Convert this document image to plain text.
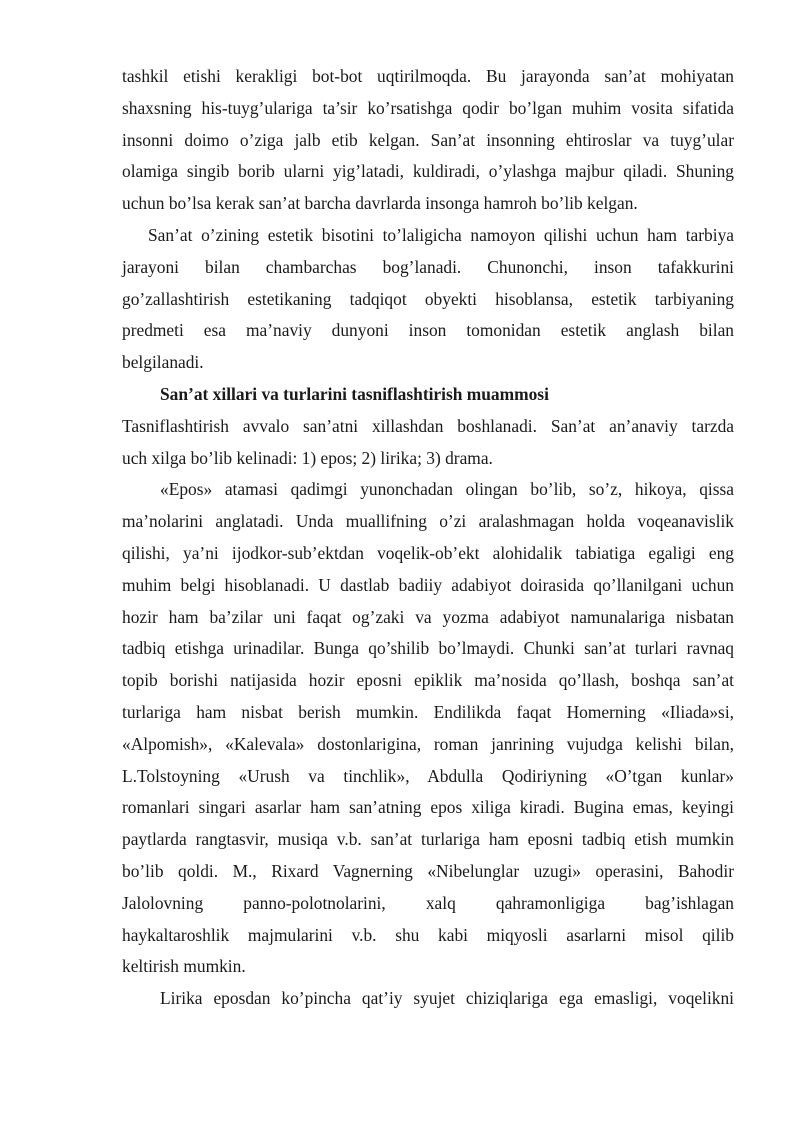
tashkil etishi kerakligi bot-bot uqtirilmoqda. Bu jarayonda san’at mohiyatan
shaxsning his-tuyg’ulariga ta’sir ko’rsatishga qodir bo’lgan muhim vosita sifatida
insonni doimo o’ziga jalb etib kelgan. San’at insonning ehtiroslar va tuyg’ular
olamiga singib borib ularni yig’latadi, kuldiradi, o’ylashga majbur qiladi. Shuning
uchun bo’lsa kerak san’at barcha davrlarda insonga hamroh bo’lib kelgan.
San’at o’zining estetik bisotini to’laligicha namoyon qilishi uchun ham tarbiya
jarayoni bilan chambarchas bog’lanadi. Chunonchi, inson tafakkurini
go’zallashtirish estetikaning tadqiqot obyekti hisoblansa, estetik tarbiyaning
predmeti esa ma’naviy dunyoni inson tomonidan estetik anglash bilan
belgilanadi.
San’at xillari va turlarini tasniflashtirish muammosi
Tasniflashtirish avvalo san’atni xillashdan boshlanadi. San’at an’anaviy tarzda
uch xilga bo’lib kelinadi: 1) epos; 2) lirika; 3) drama.
«Epos» atamasi qadimgi yunonchadan olingan bo’lib, so’z, hikoya, qissa
ma’nolarini anglatadi. Unda muallifning o’zi aralashmagan holda voqeanavislik
qilishi, ya’ni ijodkor-sub’ektdan voqelik-ob’ekt alohidalik tabiatiga egaligi eng
muhim belgi hisoblanadi. U dastlab badiiy adabiyot doirasida qo’llanilgani uchun
hozir ham ba’zilar uni faqat og’zaki va yozma adabiyot namunalariga nisbatan
tadbiq etishga urinadilar. Bunga qo’shilib bo’lmaydi. Chunki san’at turlari ravnaq
topib borishi natijasida hozir eposni epiklik ma’nosida qo’llash, boshqa san’at
turlariga ham nisbat berish mumkin. Endilikda faqat Homerning «Iliada»si,
«Alpomish», «Kalevala» dostonlarigina, roman janrining vujudga kelishi bilan,
L.Tolstoyning «Urush va tinchlik», Abdulla Qodiriyning «O’tgan kunlar»
romanlari singari asarlar ham san’atning epos xiliga kiradi. Bugina emas, keyingi
paytlarda rangtasvir, musiqa v.b. san’at turlariga ham eposni tadbiq etish mumkin
bo’lib qoldi. M., Rixard Vagnerning «Nibelunglar uzugi» operasini, Bahodir
Jalolovning panno-polotnolarini, xalq qahramonligiga bag’ishlagan
haykaltaroshlik majmularini v.b. shu kabi miqyosli asarlarni misol qilib
keltirish mumkin.
Lirika eposdan ko’pincha qat’iy syujet chiziqlariga ega emasligi, voqelikni
